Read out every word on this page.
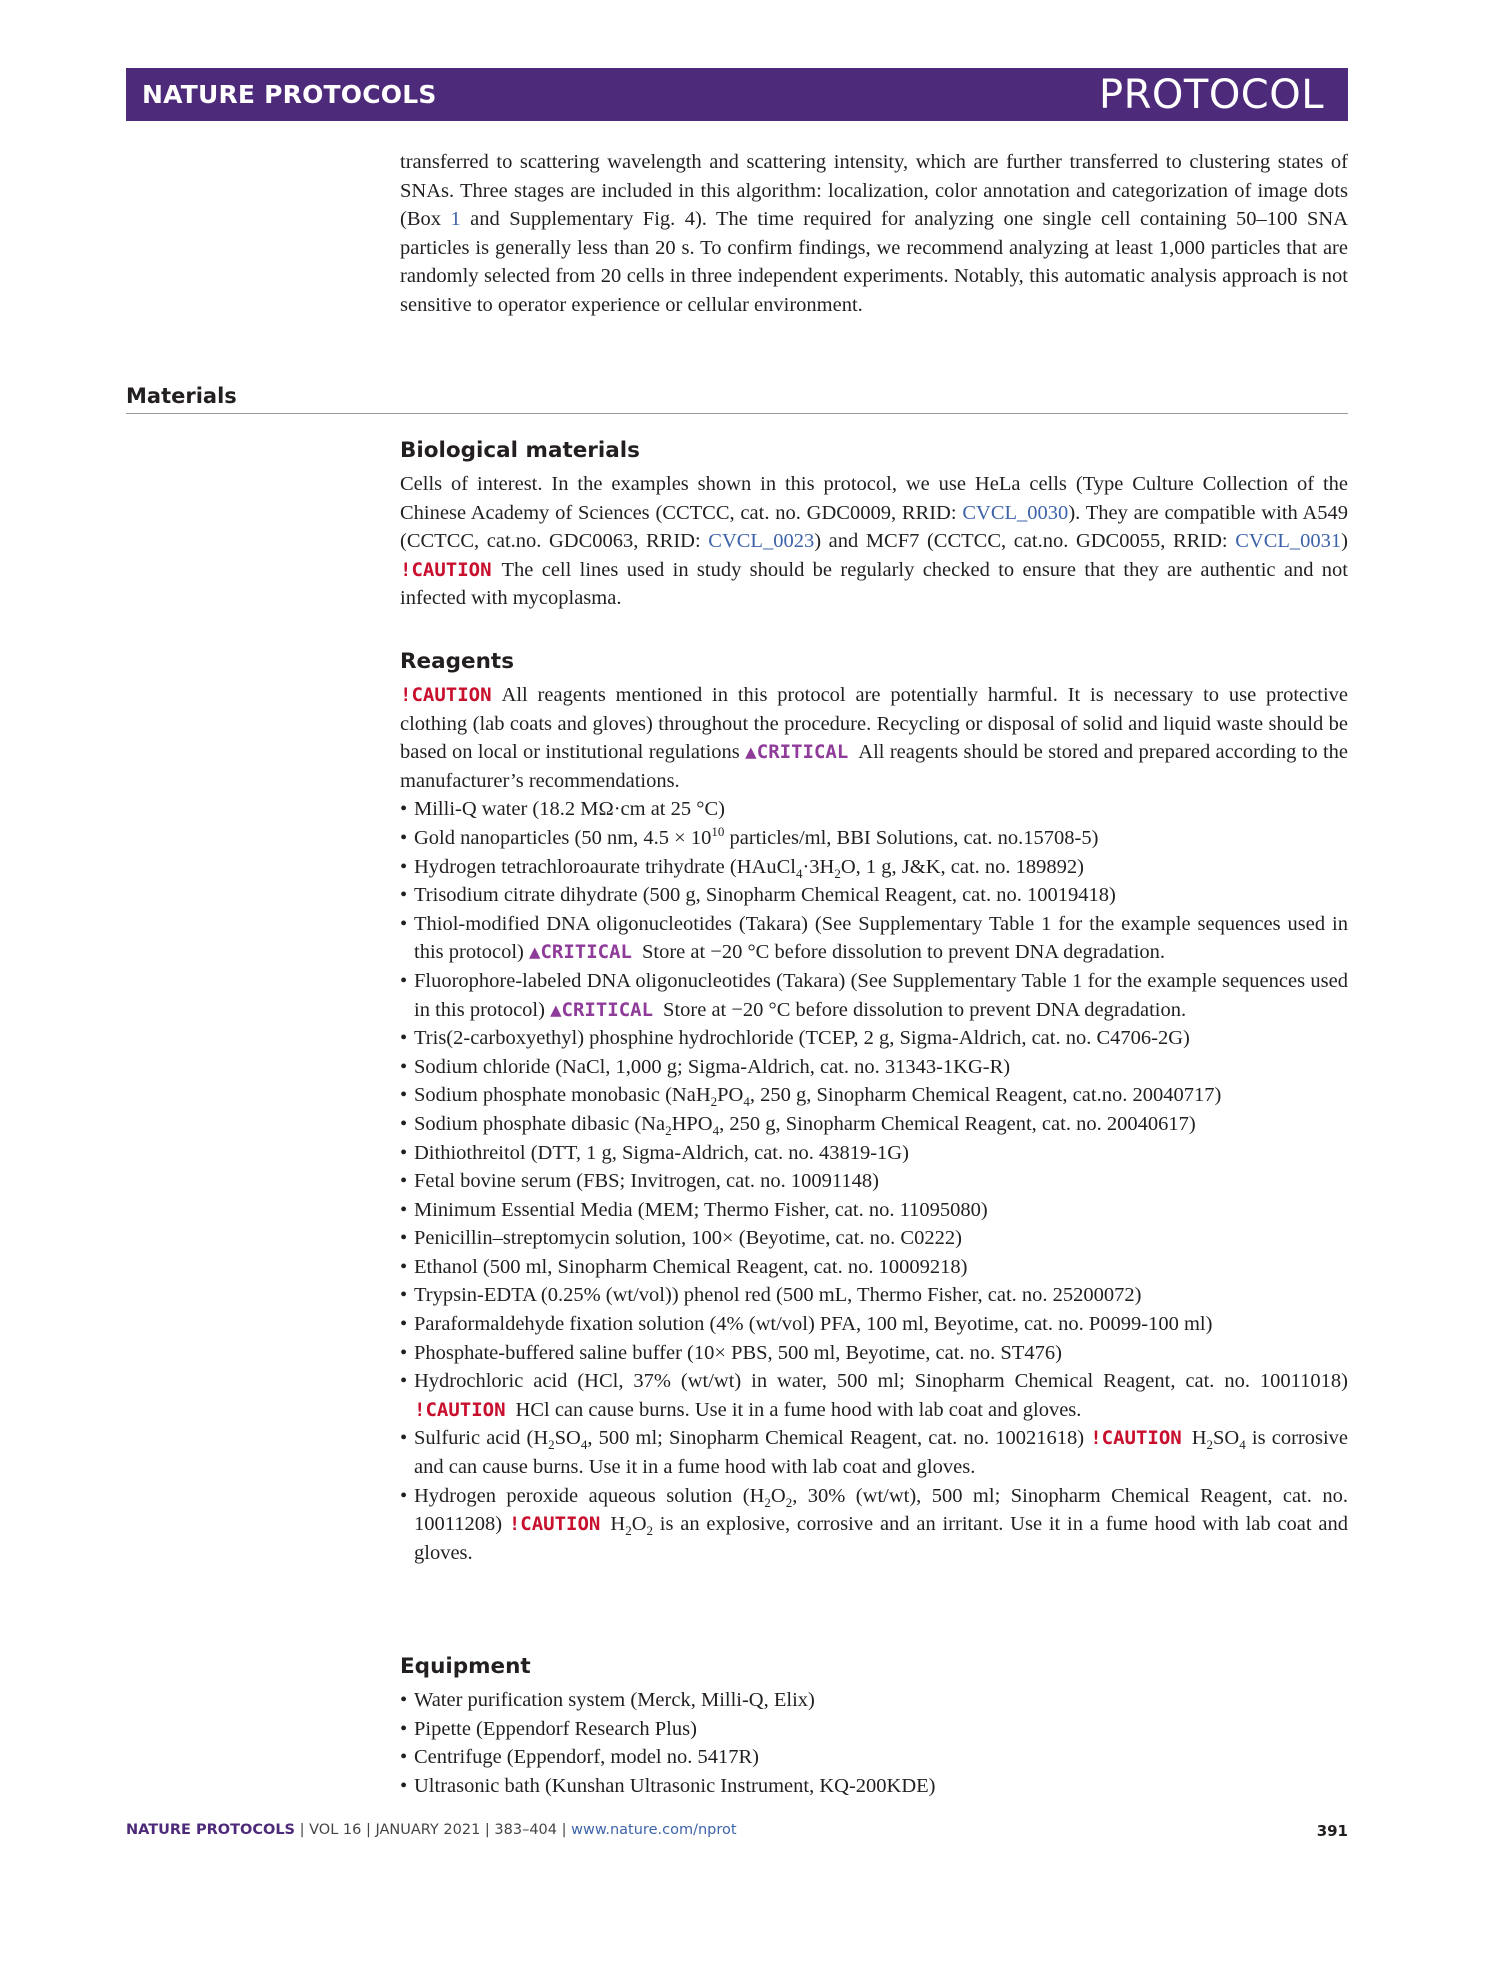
NATURE PROTOCOLS	PROTOCOL

transferred to scattering wavelength and scattering intensity, which are further transferred to clustering states of SNAs. Three stages are included in this algorithm: localization, color annotation and categorization of image dots (Box 1 and Supplementary Fig. 4). The time required for analyzing one single cell containing 50–100 SNA particles is generally less than 20 s. To confirm findings, we recommend analyzing at least 1,000 particles that are randomly selected from 20 cells in three independent experiments. Notably, this automatic analysis approach is not sensitive to operator experience or cellular environment.

Materials
Biological materials

Cells of interest. In the examples shown in this protocol, we use HeLa cells (Type Culture Collection of the Chinese Academy of Sciences (CCTCC, cat. no. GDC0009, RRID: CVCL_0030). They are compatible with A549 (CCTCC, cat.no. GDC0063, RRID: CVCL_0023) and MCF7 (CCTCC, cat.no. GDC0055, RRID: CVCL_0031) !CAUTION The cell lines used in study should be regularly checked to ensure that they are authentic and not infected with mycoplasma.

Reagents

!CAUTION All reagents mentioned in this protocol are potentially harmful. It is necessary to use protective clothing (lab coats and gloves) throughout the procedure. Recycling or disposal of solid and liquid waste should be based on local or institutional regulations ▲CRITICAL All reagents should be stored and prepared according to the manufacturer’s recommendations.

• Milli-Q water (18.2 MΩ·cm at 25 °C)
• Gold nanoparticles (50 nm, $4.5 \times 10^{10}$ particles/ml, BBI Solutions, cat. no.15708-5)
• Hydrogen tetrachloroaurate trihydrate ($HAuCl_4\cdot 3H_2O$, 1 g, J&K, cat. no. 189892)
• Trisodium citrate dihydrate (500 g, Sinopharm Chemical Reagent, cat. no. 10019418)
• Thiol-modified DNA oligonucleotides (Takara) (See Supplementary Table 1 for the example sequences used in this protocol) ▲CRITICAL Store at −20 °C before dissolution to prevent DNA degradation.
• Fluorophore-labeled DNA oligonucleotides (Takara) (See Supplementary Table 1 for the example sequences used in this protocol) ▲CRITICAL Store at −20 °C before dissolution to prevent DNA degradation.
• Tris(2-carboxyethyl) phosphine hydrochloride (TCEP, 2 g, Sigma-Aldrich, cat. no. C4706-2G)
• Sodium chloride (NaCl, 1,000 g; Sigma-Aldrich, cat. no. 31343-1KG-R)
• Sodium phosphate monobasic ($NaH_2PO_4$, 250 g, Sinopharm Chemical Reagent, cat.no. 20040717)
• Sodium phosphate dibasic ($Na_2HPO_4$, 250 g, Sinopharm Chemical Reagent, cat. no. 20040617)
• Dithiothreitol (DTT, 1 g, Sigma-Aldrich, cat. no. 43819-1G)
• Fetal bovine serum (FBS; Invitrogen, cat. no. 10091148)
• Minimum Essential Media (MEM; Thermo Fisher, cat. no. 11095080)
• Penicillin–streptomycin solution, 100× (Beyotime, cat. no. C0222)
• Ethanol (500 ml, Sinopharm Chemical Reagent, cat. no. 10009218)
• Trypsin-EDTA (0.25% (wt/vol)) phenol red (500 mL, Thermo Fisher, cat. no. 25200072)
• Paraformaldehyde fixation solution (4% (wt/vol) PFA, 100 ml, Beyotime, cat. no. P0099-100 ml)
• Phosphate-buffered saline buffer (10× PBS, 500 ml, Beyotime, cat. no. ST476)
• Hydrochloric acid (HCl, 37% (wt/wt) in water, 500 ml; Sinopharm Chemical Reagent, cat. no. 10011018) !CAUTION HCl can cause burns. Use it in a fume hood with lab coat and gloves.
• Sulfuric acid ($H_2SO_4$, 500 ml; Sinopharm Chemical Reagent, cat. no. 10021618) !CAUTION $H_2SO_4$ is corrosive and can cause burns. Use it in a fume hood with lab coat and gloves.
• Hydrogen peroxide aqueous solution ($H_2O_2$, 30% (wt/wt), 500 ml; Sinopharm Chemical Reagent, cat. no. 10011208) !CAUTION $H_2O_2$ is an explosive, corrosive and an irritant. Use it in a fume hood with lab coat and gloves.
Equipment
• Water purification system (Merck, Milli-Q, Elix)
• Pipette (Eppendorf Research Plus)
• Centrifuge (Eppendorf, model no. 5417R)
• Ultrasonic bath (Kunshan Ultrasonic Instrument, KQ-200KDE)
NATURE PROTOCOLS | VOL 16 | JANUARY 2021 | 383–404 | www.nature.com/nprot	391
